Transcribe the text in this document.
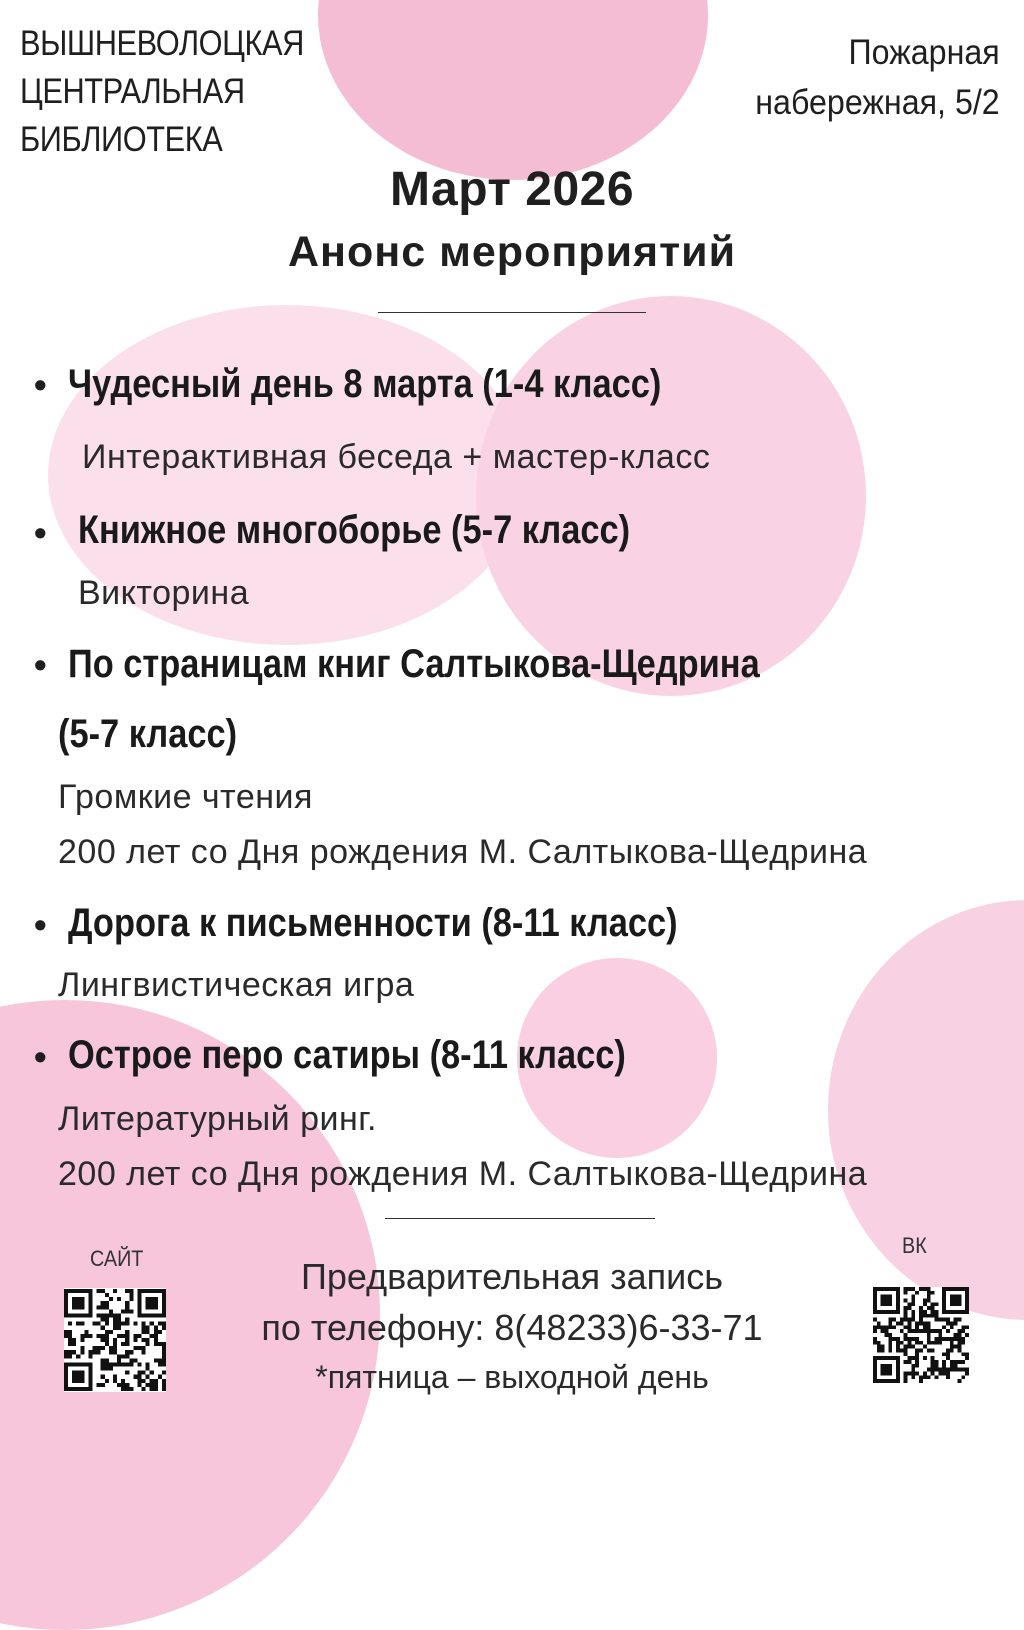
ВЫШНЕВОЛОЦКАЯ
ЦЕНТРАЛЬНАЯ
БИБЛИОТЕКА
Пожарная
набережная, 5/2
Март 2026
Анонс мероприятий
• Чудесный день 8 марта (1-4 класс)
Интерактивная беседа + мастер-класс
• Книжное многоборье (5-7 класс)
Викторина
• По страницам книг Салтыкова-Щедрина
(5-7 класс)
Громкие чтения
200 лет со Дня рождения М. Салтыкова-Щедрина
• Дорога к письменности (8-11 класс)
Лингвистическая игра
• Острое перо сатиры (8-11 класс)
Литературный ринг.
200 лет со Дня рождения М. Салтыкова-Щедрина
САЙТ
ВК
Предварительная запись
по телефону: 8(48233)6-33-71
*пятница – выходной день
